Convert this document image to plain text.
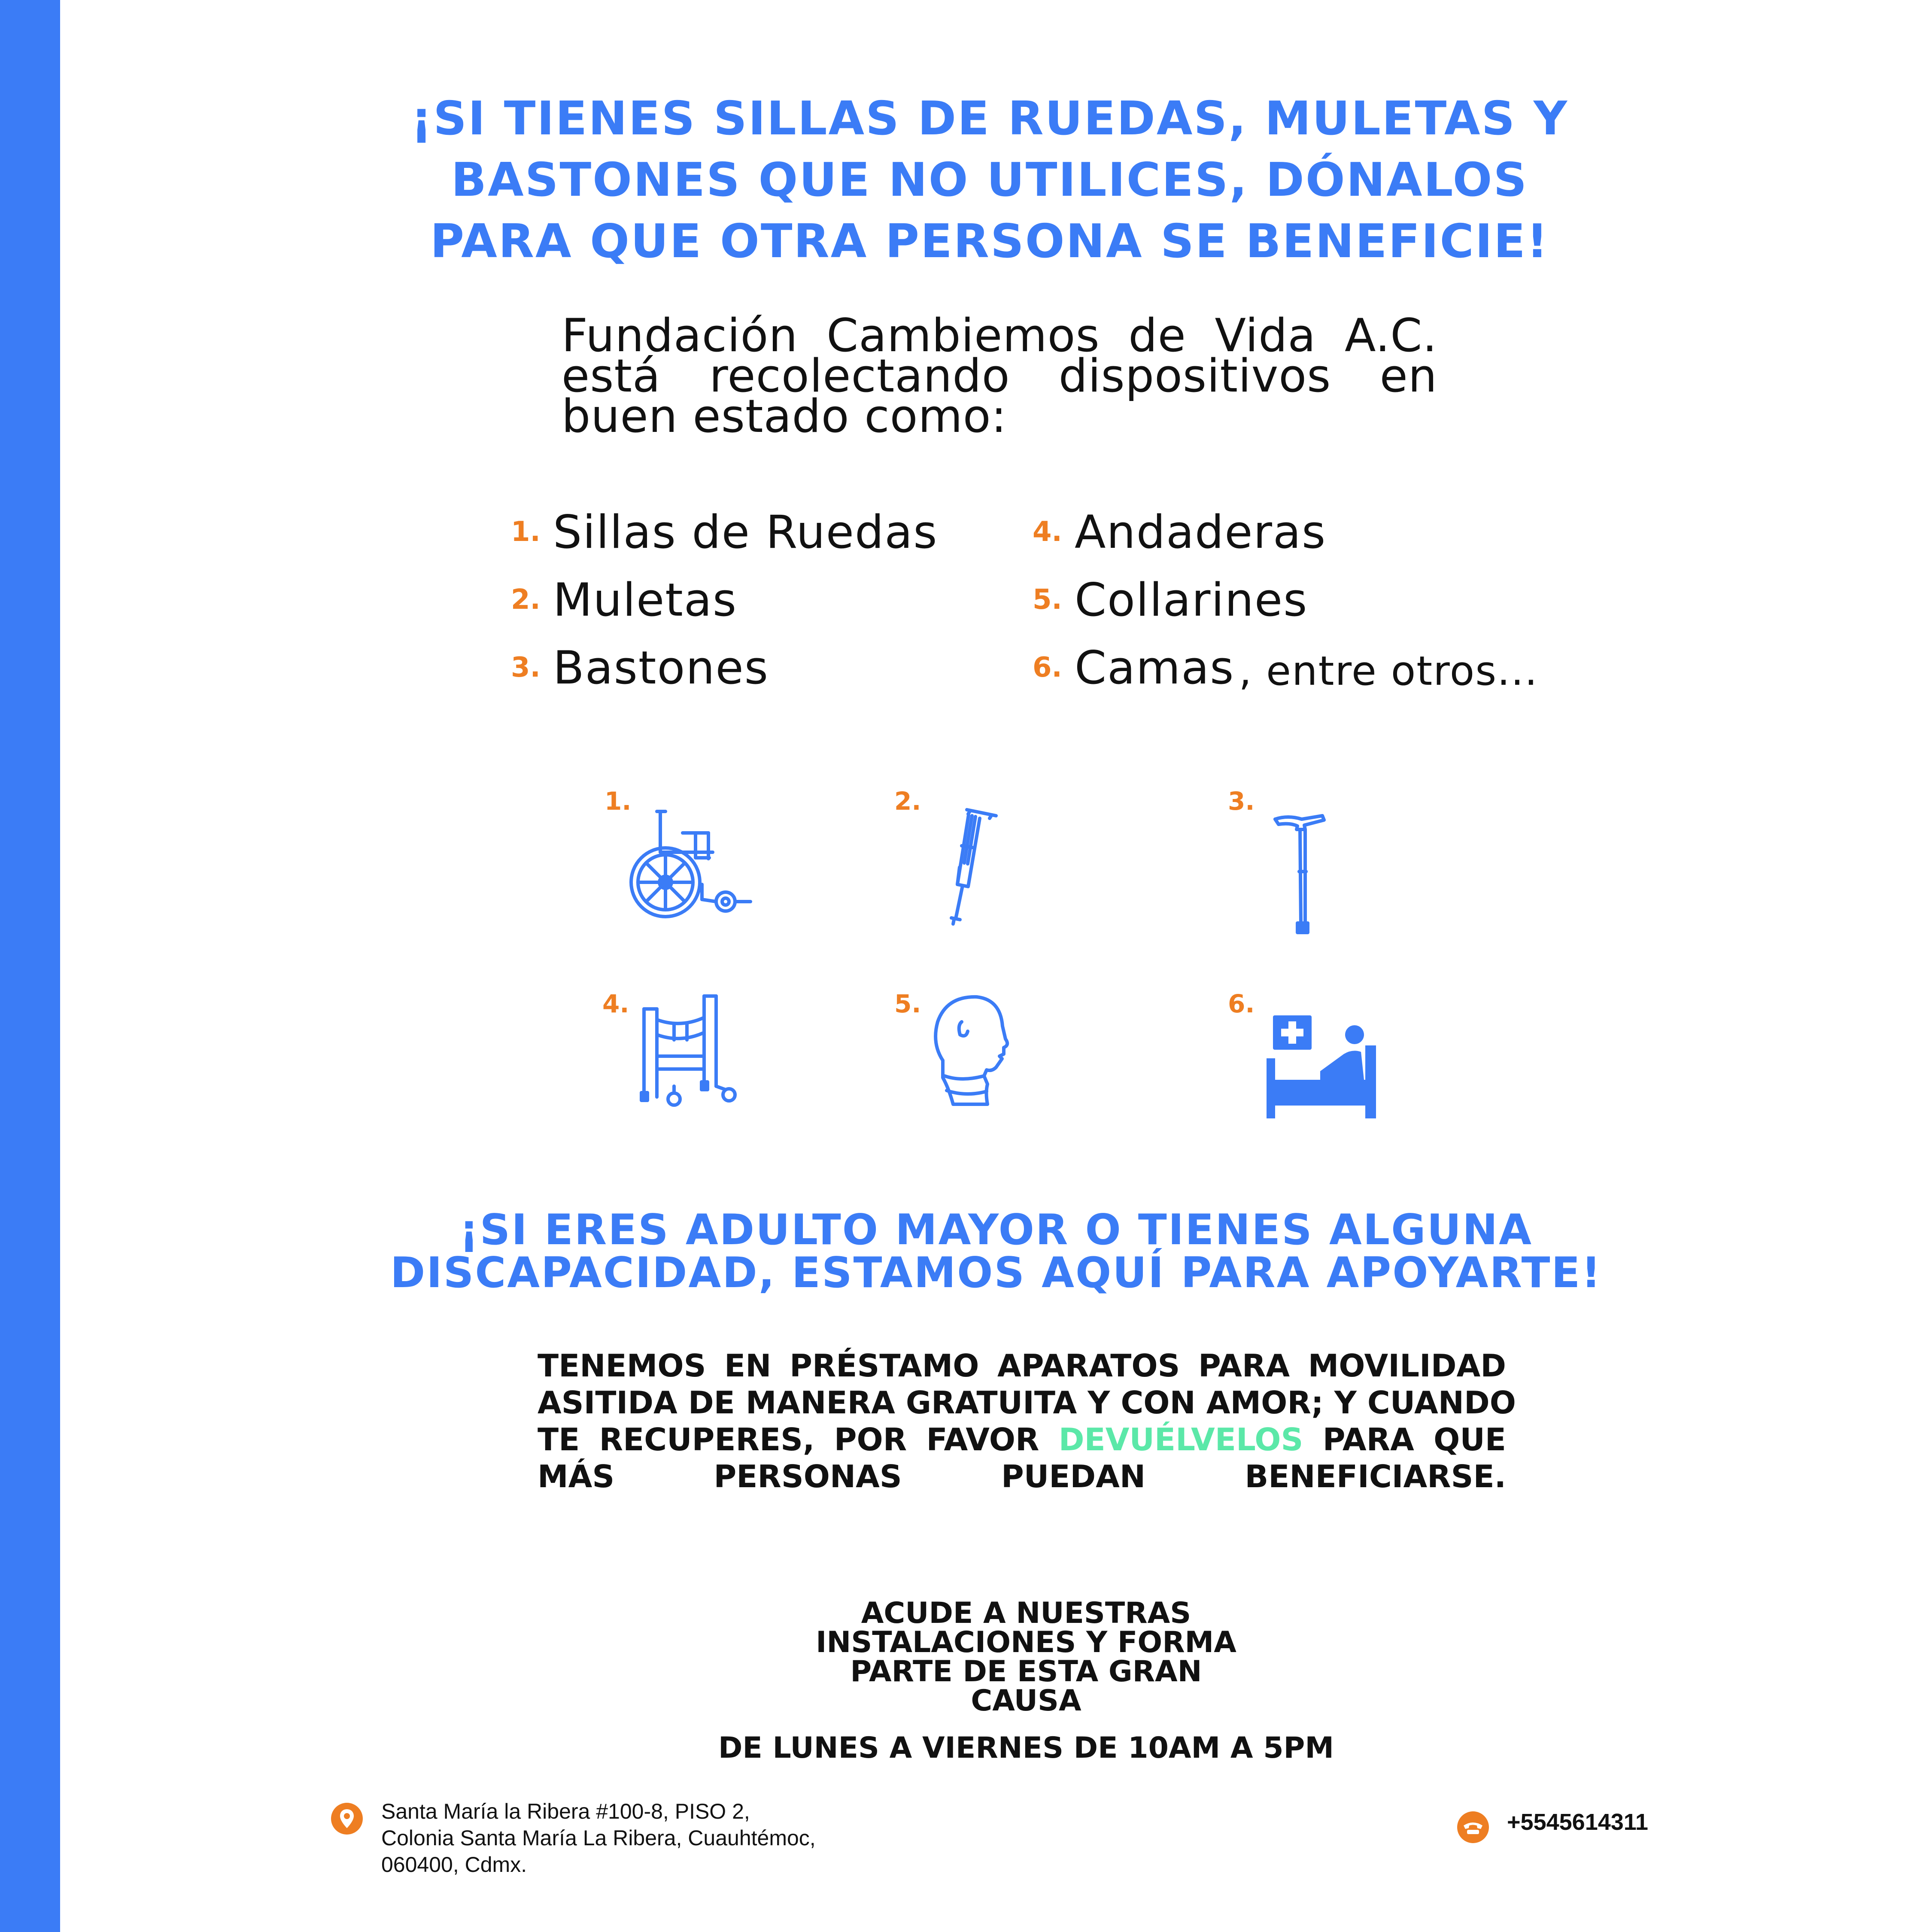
¡SI TIENES SILLAS DE RUEDAS, MULETAS Y
BASTONES QUE NO UTILICES, DÓNALOS
PARA QUE OTRA PERSONA SE BENEFICIE!

Fundación Cambiemos de Vida A.C.
está recolectando dispositivos en
buen estado como:

1. Sillas de Ruedas
2. Muletas
3. Bastones
4. Andaderas
5. Collarines
6. Camas , entre otros...
1.	2.	3.
4.	5.	6.
¡SI ERES ADULTO MAYOR O TIENES ALGUNA
DISCAPACIDAD, ESTAMOS AQUÍ PARA APOYARTE!

TENEMOS EN PRÉSTAMO APARATOS PARA MOVILIDAD
ASITIDA DE MANERA GRATUITA Y CON AMOR; Y CUANDO
TE RECUPERES, POR FAVOR DEVUÉLVELOS PARA QUE
MÁS PERSONAS PUEDAN BENEFICIARSE.

ACUDE A NUESTRAS
INSTALACIONES Y FORMA
PARTE DE ESTA GRAN
CAUSA

DE LUNES A VIERNES DE 10AM A 5PM

Santa María la Ribera #100-8, PISO 2,
Colonia Santa María La Ribera, Cuauhtémoc,
060400, Cdmx.

+5545614311
